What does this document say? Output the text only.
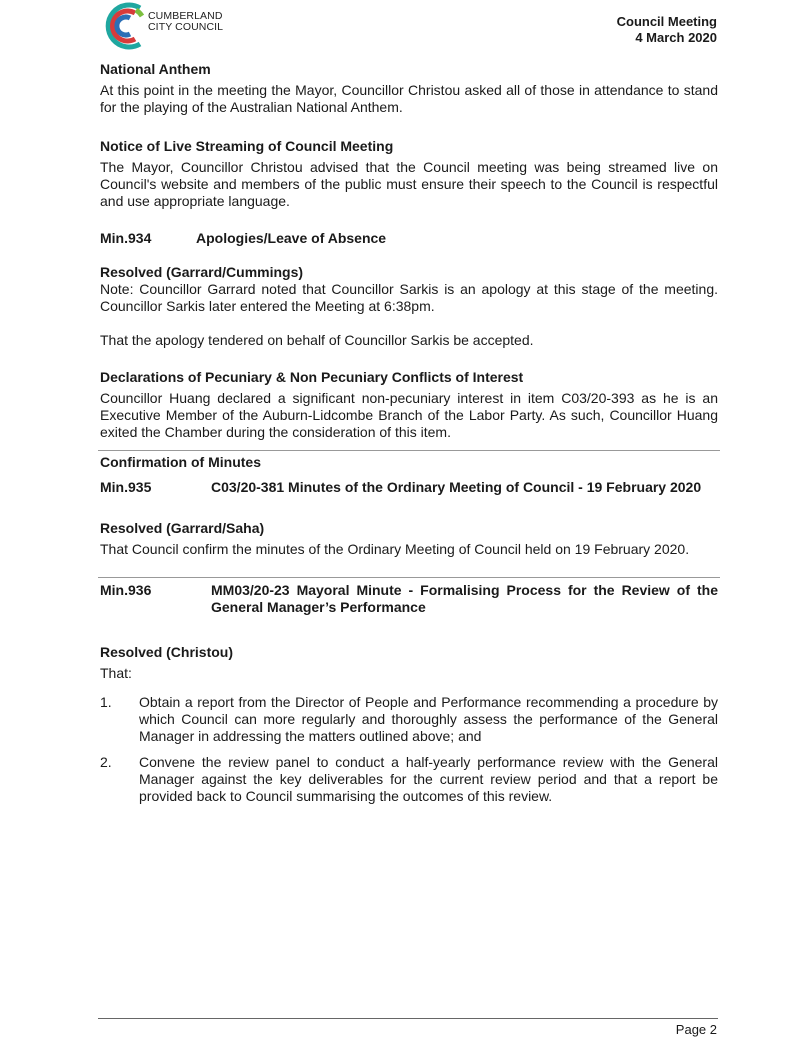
CUMBERLAND
CITY COUNCIL	Council Meeting
4 March 2020
National Anthem

At this point in the meeting the Mayor, Councillor Christou asked all of those in attendance to stand for the playing of the Australian National Anthem.

Notice of Live Streaming of Council Meeting

The Mayor, Councillor Christou advised that the Council meeting was being streamed live on Council's website and members of the public must ensure their speech to the Council is respectful and use appropriate language.

Min.934	Apologies/Leave of Absence
Resolved (Garrard/Cummings)

Note: Councillor Garrard noted that Councillor Sarkis is an apology at this stage of the meeting. Councillor Sarkis later entered the Meeting at 6:38pm.

That the apology tendered on behalf of Councillor Sarkis be accepted.

Declarations of Pecuniary & Non Pecuniary Conflicts of Interest

Councillor Huang declared a significant non-pecuniary interest in item C03/20-393 as he is an Executive Member of the Auburn-Lidcombe Branch of the Labor Party. As such, Councillor Huang exited the Chamber during the consideration of this item.

Confirmation of Minutes
Min.935	C03/20-381 Minutes of the Ordinary Meeting of Council - 19 February 2020
Resolved (Garrard/Saha)

That Council confirm the minutes of the Ordinary Meeting of Council held on 19 February 2020.

Min.936	MM03/20-23 Mayoral Minute - Formalising Process for the Review of the General Manager’s Performance
Resolved (Christou)

That:

1.	Obtain a report from the Director of People and Performance recommending a procedure by which Council can more regularly and thoroughly assess the performance of the General Manager in addressing the matters outlined above; and
2.	Convene the review panel to conduct a half-yearly performance review with the General Manager against the key deliverables for the current review period and that a report be provided back to Council summarising the outcomes of this review.
Page 2
